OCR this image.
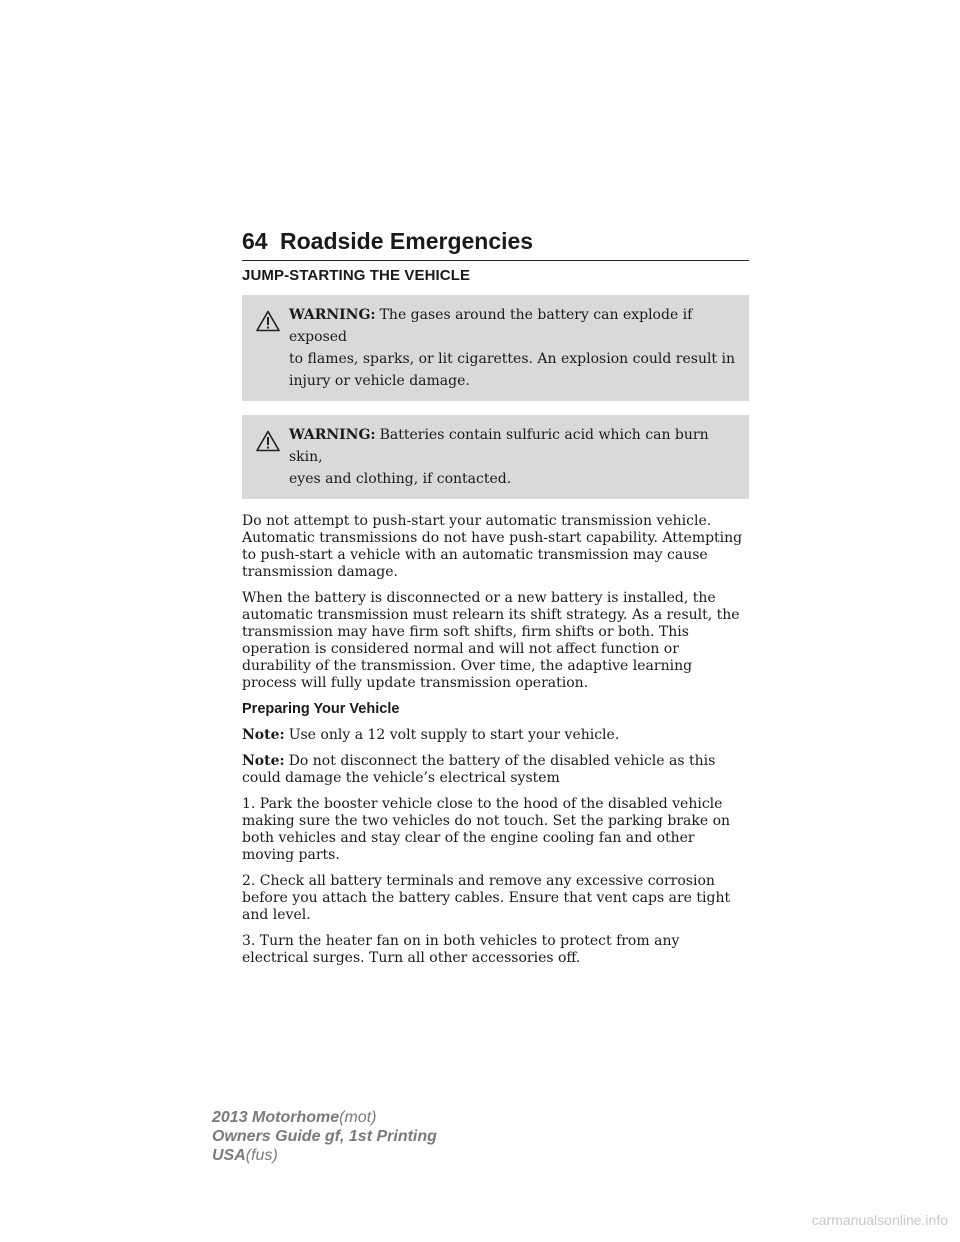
64 Roadside Emergencies
JUMP-STARTING THE VEHICLE
WARNING: The gases around the battery can explode if exposed
to flames, sparks, or lit cigarettes. An explosion could result in injury or vehicle damage.
WARNING: Batteries contain sulfuric acid which can burn skin,
eyes and clothing, if contacted.

Do not attempt to push-start your automatic transmission vehicle. Automatic transmissions do not have push-start capability. Attempting to push-start a vehicle with an automatic transmission may cause transmission damage.

When the battery is disconnected or a new battery is installed, the automatic transmission must relearn its shift strategy. As a result, the transmission may have firm soft shifts, firm shifts or both. This operation is considered normal and will not affect function or durability of the transmission. Over time, the adaptive learning process will fully update transmission operation.

Preparing Your Vehicle

Note: Use only a 12 volt supply to start your vehicle.

Note: Do not disconnect the battery of the disabled vehicle as this could damage the vehicle’s electrical system

1. Park the booster vehicle close to the hood of the disabled vehicle making sure the two vehicles do not touch. Set the parking brake on both vehicles and stay clear of the engine cooling fan and other moving parts.

2. Check all battery terminals and remove any excessive corrosion before you attach the battery cables. Ensure that vent caps are tight and level.

3. Turn the heater fan on in both vehicles to protect from any electrical surges. Turn all other accessories off.

2013 Motorhome(mot)
Owners Guide gf, 1st Printing
USA(fus)
carmanualsonline.info
